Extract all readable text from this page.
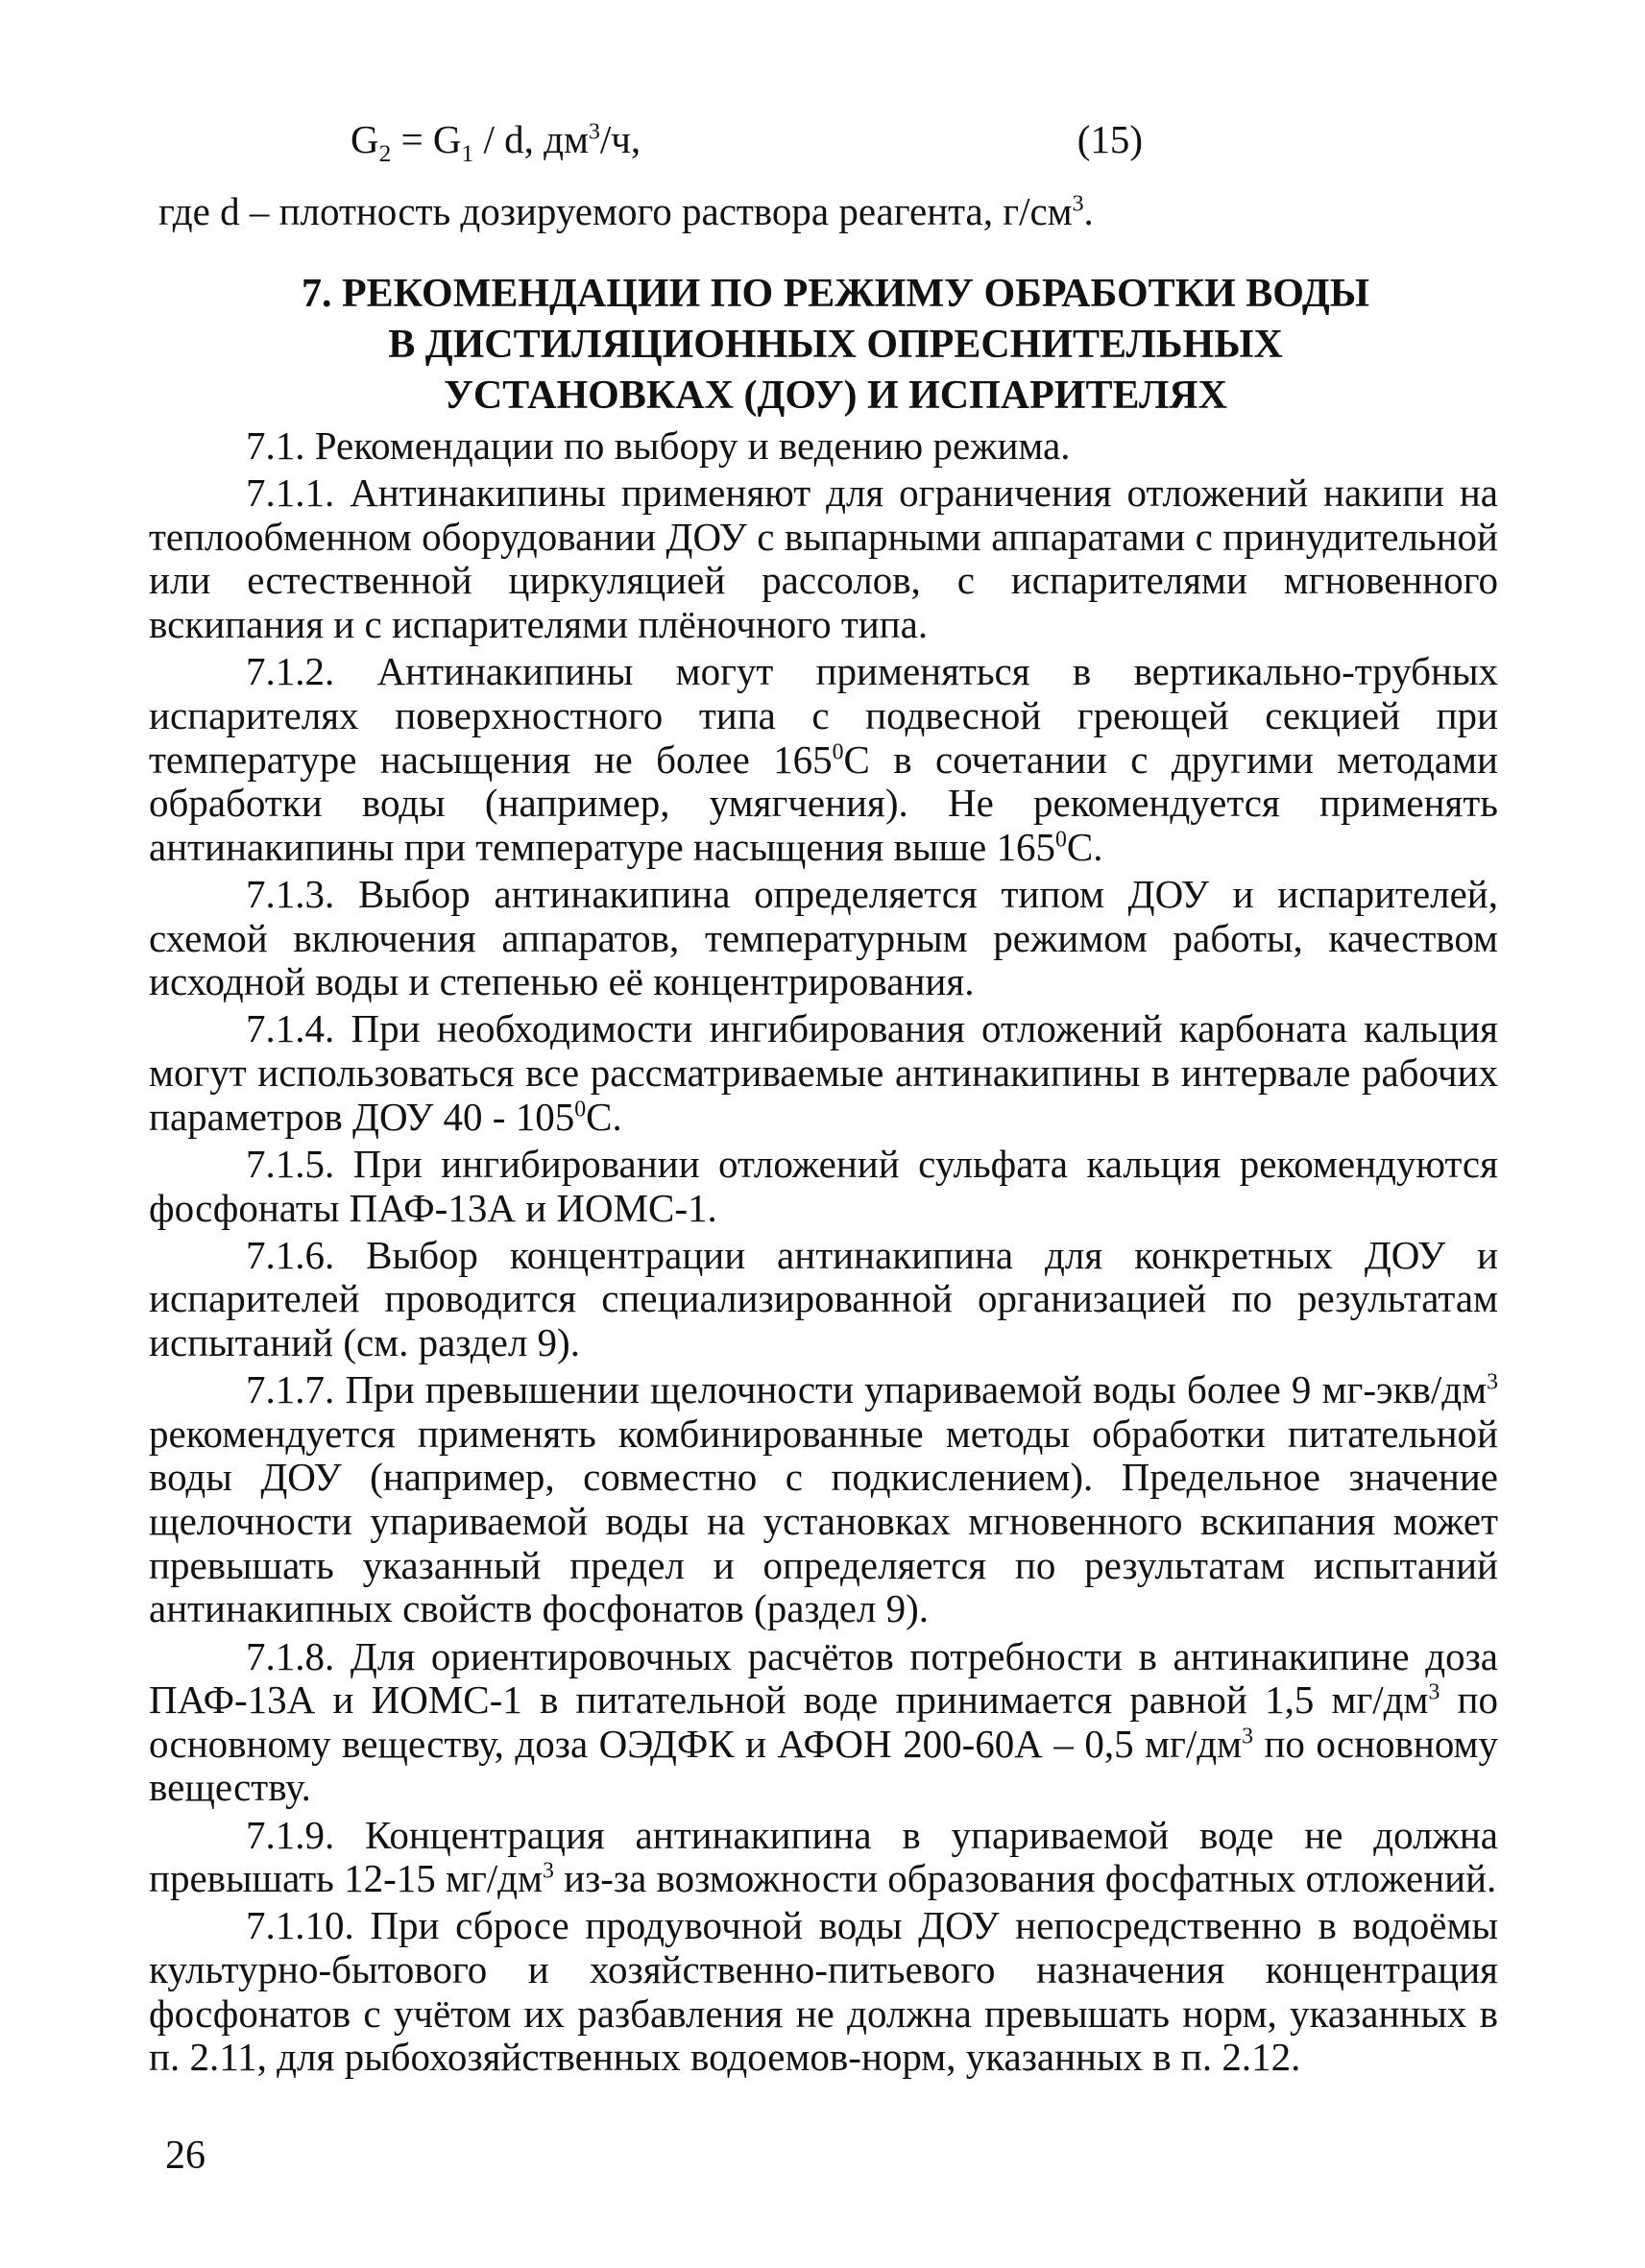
$G_2 = G_1 / d$, $дм^3/ч$,	(15)
где d – плотность дозируемого раствора реагента, $г/см^3$.
7. РЕКОМЕНДАЦИИ ПО РЕЖИМУ ОБРАБОТКИ ВОДЫ
В ДИСТИЛЯЦИОННЫХ ОПРЕСНИТЕЛЬНЫХ
УСТАНОВКАХ (ДОУ) И ИСПАРИТЕЛЯХ

7.1. Рекомендации по выбору и ведению режима.

7.1.1. Антинакипины применяют для ограничения отложений накипи на теплообменном оборудовании ДОУ с выпарными аппаратами с принудительной или естественной циркуляцией рассолов, с испарителями мгновенного вскипания и с испарителями плёночного типа.

7.1.2. Антинакипины могут применяться в вертикально-трубных испарителях поверхностного типа с подвесной греющей секцией при температуре насыщения не более $165^0С$ в сочетании с другими методами обработки воды (например, умягчения). Не рекомендуется применять антинакипины при температуре насыщения выше $165^0С$.

7.1.3. Выбор антинакипина определяется типом ДОУ и испарителей, схемой включения аппаратов, температурным режимом работы, качеством исходной воды и степенью её концентрирования.

7.1.4. При необходимости ингибирования отложений карбоната кальция могут использоваться все рассматриваемые антинакипины в интервале рабочих параметров ДОУ $40 - 105^0С$.

7.1.5. При ингибировании отложений сульфата кальция рекомендуются фосфонаты ПАФ-13А и ИОМС-1.

7.1.6. Выбор концентрации антинакипина для конкретных ДОУ и испарителей проводится специализированной организацией по результатам испытаний (см. раздел 9).

7.1.7. При превышении щелочности упариваемой воды более 9 $мг-экв/дм^3$ рекомендуется применять комбинированные методы обработки питательной воды ДОУ (например, совместно с подкислением). Предельное значение щелочности упариваемой воды на установках мгновенного вскипания может превышать указанный предел и определяется по результатам испытаний антинакипных свойств фосфонатов (раздел 9).

7.1.8. Для ориентировочных расчётов потребности в антинакипине доза ПАФ-13А и ИОМС-1 в питательной воде принимается равной 1,5 $мг/дм^3$ по основному веществу, доза ОЭДФК и АФОН 200-60А – 0,5 $мг/дм^3$ по основному веществу.

7.1.9. Концентрация антинакипина в упариваемой воде не должна превышать 12-15 $мг/дм^3$ из-за возможности образования фосфатных отложений.

7.1.10. При сбросе продувочной воды ДОУ непосредственно в водоёмы культурно-бытового и хозяйственно-питьевого назначения концентрация фосфонатов с учётом их разбавления не должна превышать норм, указанных в п. 2.11, для рыбохозяйственных водоемов-норм, указанных в п. 2.12.

26
